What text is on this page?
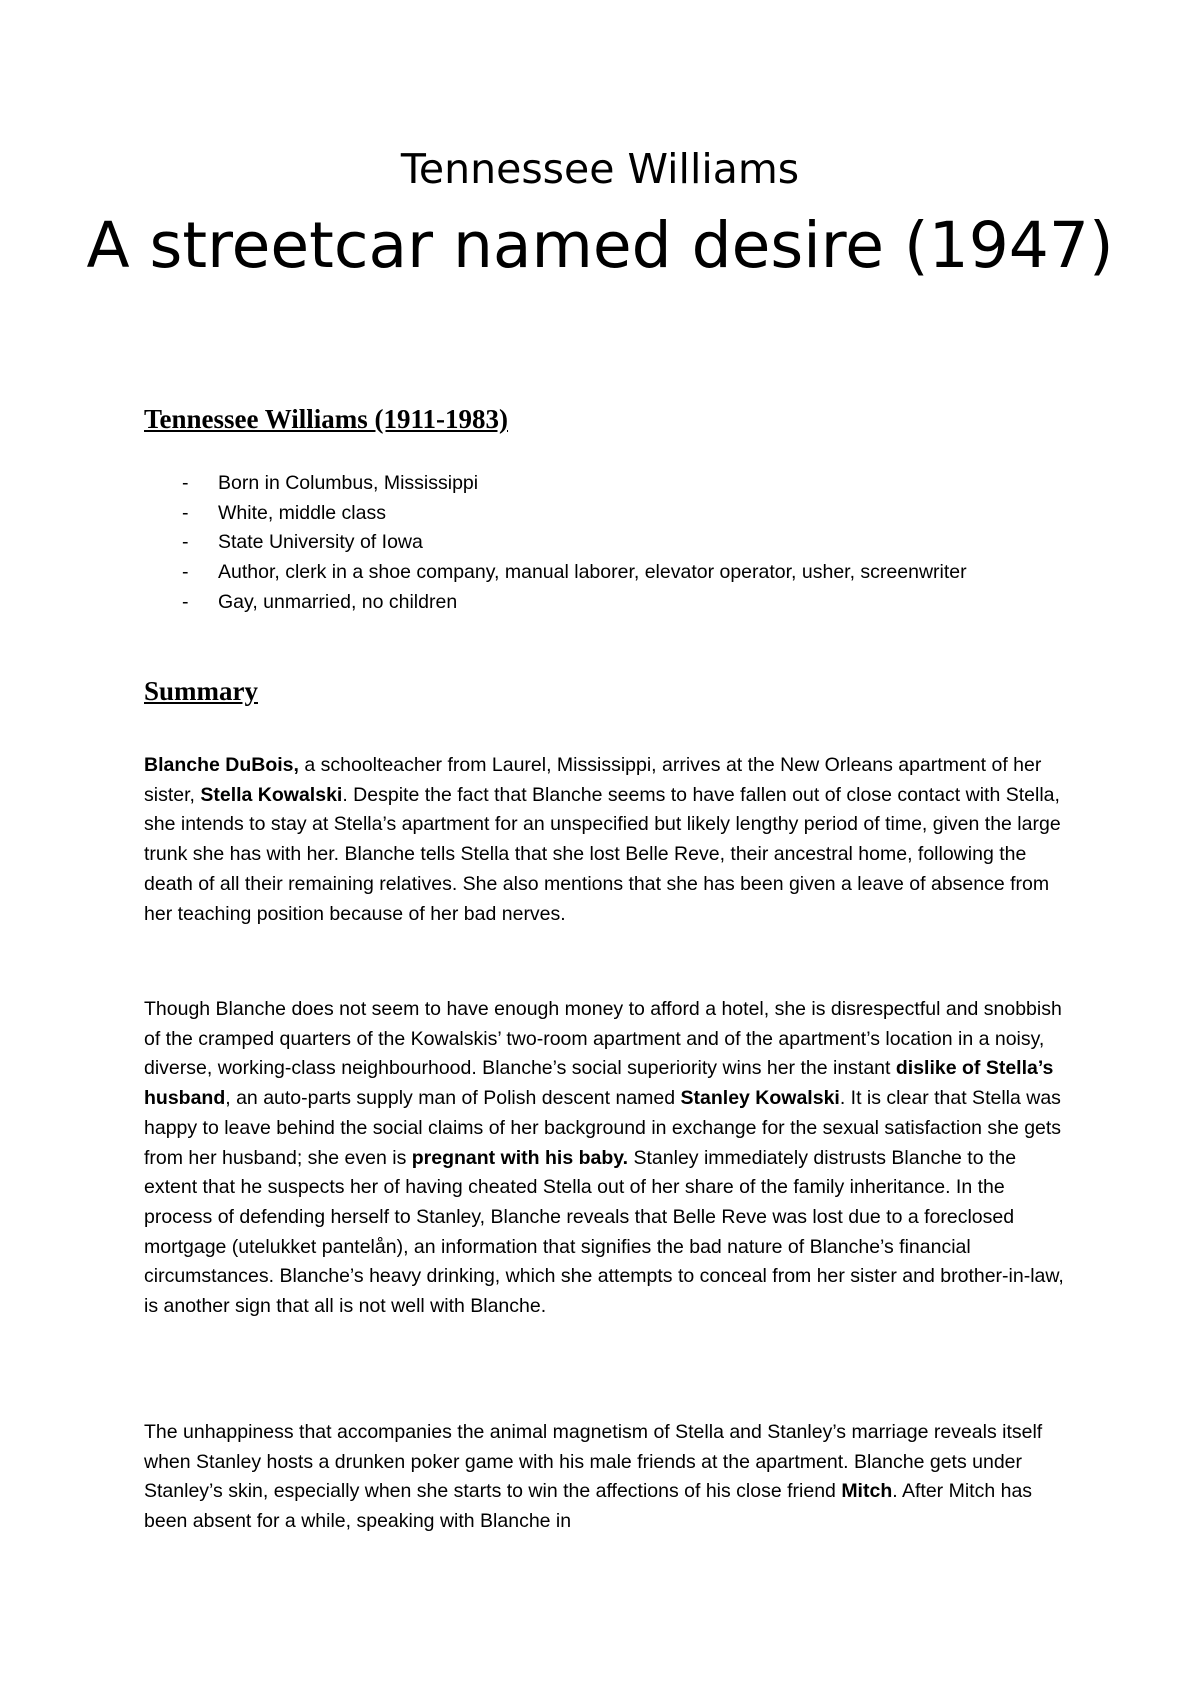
Tennessee Williams
A streetcar named desire (1947)
Tennessee Williams (1911-1983)
- Born in Columbus, Mississippi
- White, middle class
- State University of Iowa
- Author, clerk in a shoe company, manual laborer, elevator operator, usher, screenwriter
- Gay, unmarried, no children
Summary

Blanche DuBois, a schoolteacher from Laurel, Mississippi, arrives at the New Orleans apartment of her sister, Stella Kowalski. Despite the fact that Blanche seems to have fallen out of close contact with Stella, she intends to stay at Stella’s apartment for an unspecified but likely lengthy period of time, given the large trunk she has with her. Blanche tells Stella that she lost Belle Reve, their ancestral home, following the death of all their remaining relatives. She also mentions that she has been given a leave of absence from her teaching position because of her bad nerves.

Though Blanche does not seem to have enough money to afford a hotel, she is disrespectful and snobbish of the cramped quarters of the Kowalskis’ two-room apartment and of the apartment’s location in a noisy, diverse, working-class neighbourhood. Blanche’s social superiority wins her the instant dislike of Stella’s husband, an auto-parts supply man of Polish descent named Stanley Kowalski. It is clear that Stella was happy to leave behind the social claims of her background in exchange for the sexual satisfaction she gets from her husband; she even is pregnant with his baby. Stanley immediately distrusts Blanche to the extent that he suspects her of having cheated Stella out of her share of the family inheritance. In the process of defending herself to Stanley, Blanche reveals that Belle Reve was lost due to a foreclosed mortgage (utelukket pantelån), an information that signifies the bad nature of Blanche’s financial circumstances. Blanche’s heavy drinking, which she attempts to conceal from her sister and brother-in-law, is another sign that all is not well with Blanche.

The unhappiness that accompanies the animal magnetism of Stella and Stanley’s marriage reveals itself when Stanley hosts a drunken poker game with his male friends at the apartment. Blanche gets under Stanley’s skin, especially when she starts to win the affections of his close friend Mitch. After Mitch has been absent for a while, speaking with Blanche in
